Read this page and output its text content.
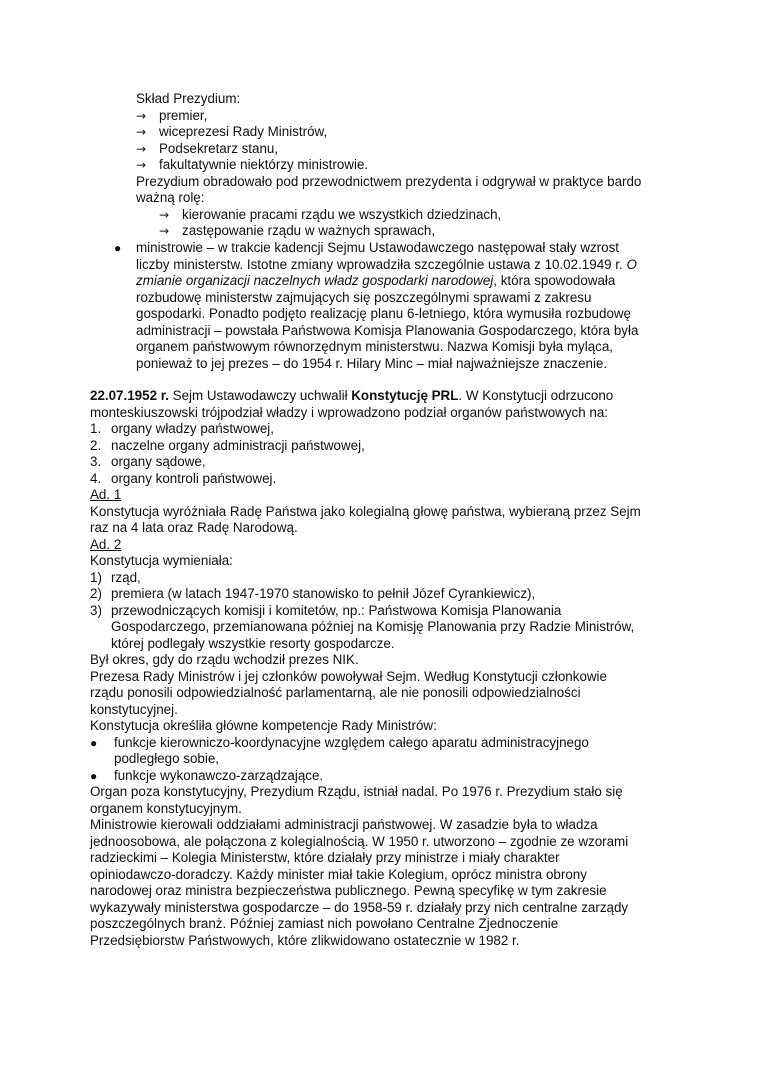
Skład Prezydium:
→ premier,
→ wiceprezesi Rady Ministrów,
→ Podsekretarz stanu,
→ fakultatywnie niektórzy ministrowie.
Prezydium obradowało pod przewodnictwem prezydenta i odgrywał w praktyce bardo
ważną rolę:
→ kierowanie pracami rządu we wszystkich dziedzinach,
→ zastępowanie rządu w ważnych sprawach,
● ministrowie – w trakcie kadencji Sejmu Ustawodawczego następował stały wzrost
liczby ministerstw. Istotne zmiany wprowadziła szczególnie ustawa z 10.02.1949 r. O
zmianie organizacji naczelnych władz gospodarki narodowej, która spowodowała
rozbudowę ministerstw zajmujących się poszczególnymi sprawami z zakresu
gospodarki. Ponadto podjęto realizację planu 6-letniego, która wymusiła rozbudowę
administracji – powstała Państwowa Komisja Planowania Gospodarczego, która była
organem państwowym równorzędnym ministerstwu. Nazwa Komisji była myląca,
ponieważ to jej prezes – do 1954 r. Hilary Minc – miał najważniejsze znaczenie.
22.07.1952 r. Sejm Ustawodawczy uchwalił Konstytucję PRL. W Konstytucji odrzucono
monteskiuszowski trójpodział władzy i wprowadzono podział organów państwowych na:
1. organy władzy państwowej,
2. naczelne organy administracji państwowej,
3. organy sądowe,
4. organy kontroli państwowej.
Ad. 1
Konstytucja wyróżniała Radę Państwa jako kolegialną głowę państwa, wybieraną przez Sejm
raz na 4 lata oraz Radę Narodową.
Ad. 2
Konstytucja wymieniała:
1) rząd,
2) premiera (w latach 1947-1970 stanowisko to pełnił Józef Cyrankiewicz),
3) przewodniczących komisji i komitetów, np.: Państwowa Komisja Planowania
Gospodarczego, przemianowana później na Komisję Planowania przy Radzie Ministrów,
której podlegały wszystkie resorty gospodarcze.
Był okres, gdy do rządu wchodził prezes NIK.
Prezesa Rady Ministrów i jej członków powoływał Sejm. Według Konstytucji członkowie
rządu ponosili odpowiedzialność parlamentarną, ale nie ponosili odpowiedzialności
konstytucyjnej.
Konstytucja określiła główne kompetencje Rady Ministrów:
● funkcje kierowniczo-koordynacyjne względem całego aparatu administracyjnego
podległego sobie,
● funkcje wykonawczo-zarządzające.
Organ poza konstytucyjny, Prezydium Rządu, istniał nadal. Po 1976 r. Prezydium stało się
organem konstytucyjnym.
Ministrowie kierowali oddziałami administracji państwowej. W zasadzie była to władza
jednoosobowa, ale połączona z kolegialnością. W 1950 r. utworzono – zgodnie ze wzorami
radzieckimi – Kolegia Ministerstw, które działały przy ministrze i miały charakter
opiniodawczo-doradczy. Każdy minister miał takie Kolegium, oprócz ministra obrony
narodowej oraz ministra bezpieczeństwa publicznego. Pewną specyfikę w tym zakresie
wykazywały ministerstwa gospodarcze – do 1958-59 r. działały przy nich centralne zarządy
poszczególnych branż. Później zamiast nich powołano Centralne Zjednoczenie
Przedsiębiorstw Państwowych, które zlikwidowano ostatecznie w 1982 r.
